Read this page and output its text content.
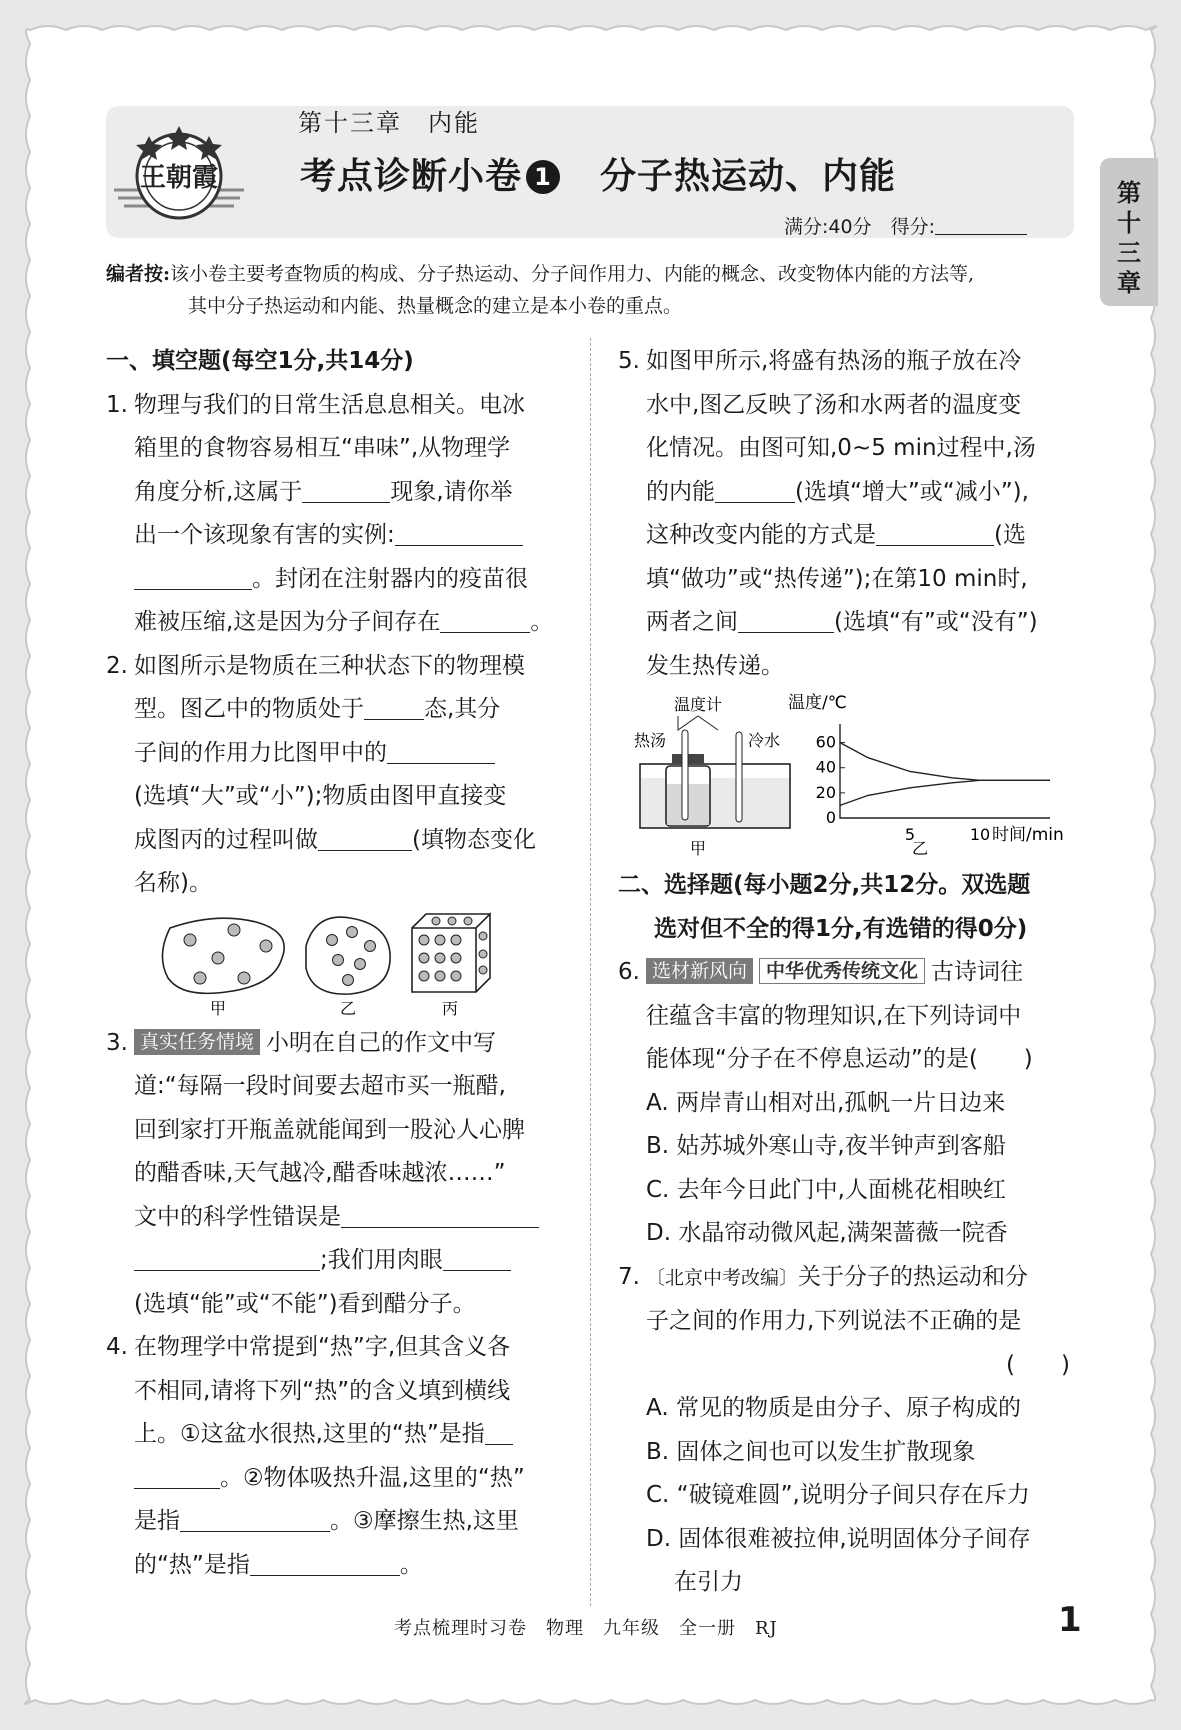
王朝霞
第十三章　内能
考点诊断小卷 1 分子热运动、内能
满分:40分　 得分:
第十三章
编者按:该小卷主要考查物质的构成、分子热运动、分子间作用力、内能的概念、改变物体内能的方法等,
其中分子热运动和内能、热量概念的建立是本小卷的重点。
一、填空题(每空1分,共14分)
1. 物理与我们的日常生活息息相关。电冰
箱里的食物容易相互“串味”,从物理学
角度分析,这属于	现象,请你举
出一个该现象有害的实例:
。封闭在注射器内的疫苗很
难被压缩,这是因为分子间存在	。
2. 如图所示是物质在三种状态下的物理模
型。图乙中的物质处于	态,其分
子间的作用力比图甲中的
(选填“大”或“小”);物质由图甲直接变
成图丙的过程叫做	(填物态变化
名称)。
甲	乙	丙
3. 真实任务情境 小明在自己的作文中写
道:“每隔一段时间要去超市买一瓶醋,
回到家打开瓶盖就能闻到一股沁人心脾
的醋香味,天气越冷,醋香味越浓……”
文中的科学性错误是
;我们用肉眼
(选填“能”或“不能”)看到醋分子。
4. 在物理学中常提到“热”字,但其含义各
不相同,请将下列“热”的含义填到横线
上。①这盆水很热,这里的“热”是指
。②物体吸热升温,这里的“热”
是指	。③摩擦生热,这里
的“热”是指	。
5. 如图甲所示,将盛有热汤的瓶子放在冷
水中,图乙反映了汤和水两者的温度变
化情况。由图可知,0~5 min过程中,汤
的内能	(选填“增大”或“减小”),
这种改变内能的方式是	(选
填“做功”或“热传递”);在第10 min时,
两者之间	(选填“有”或“没有”)
发生热传递。
温度计
热汤	冷水
甲
温度/℃
0
20
40
60
5	10 时间/min
乙
二、选择题(每小题2分,共12分。双选题
选对但不全的得1分,有选错的得0分)
6. 选材新风向 中华优秀传统文化 古诗词往
往蕴含丰富的物理知识,在下列诗词中
能体现“分子在不停息运动”的是(　　)
A. 两岸青山相对出,孤帆一片日边来
B. 姑苏城外寒山寺,夜半钟声到客船
C. 去年今日此门中,人面桃花相映红
D. 水晶帘动微风起,满架蔷薇一院香
7. 〔北京中考改编〕关于分子的热运动和分
子之间的作用力,下列说法不正确的是
(　　)
A. 常见的物质是由分子、原子构成的
B. 固体之间也可以发生扩散现象
C. “破镜难圆”,说明分子间只存在斥力
D. 固体很难被拉伸,说明固体分子间存
在引力
考点梳理时习卷　物理　九年级　全一册　RJ	1
